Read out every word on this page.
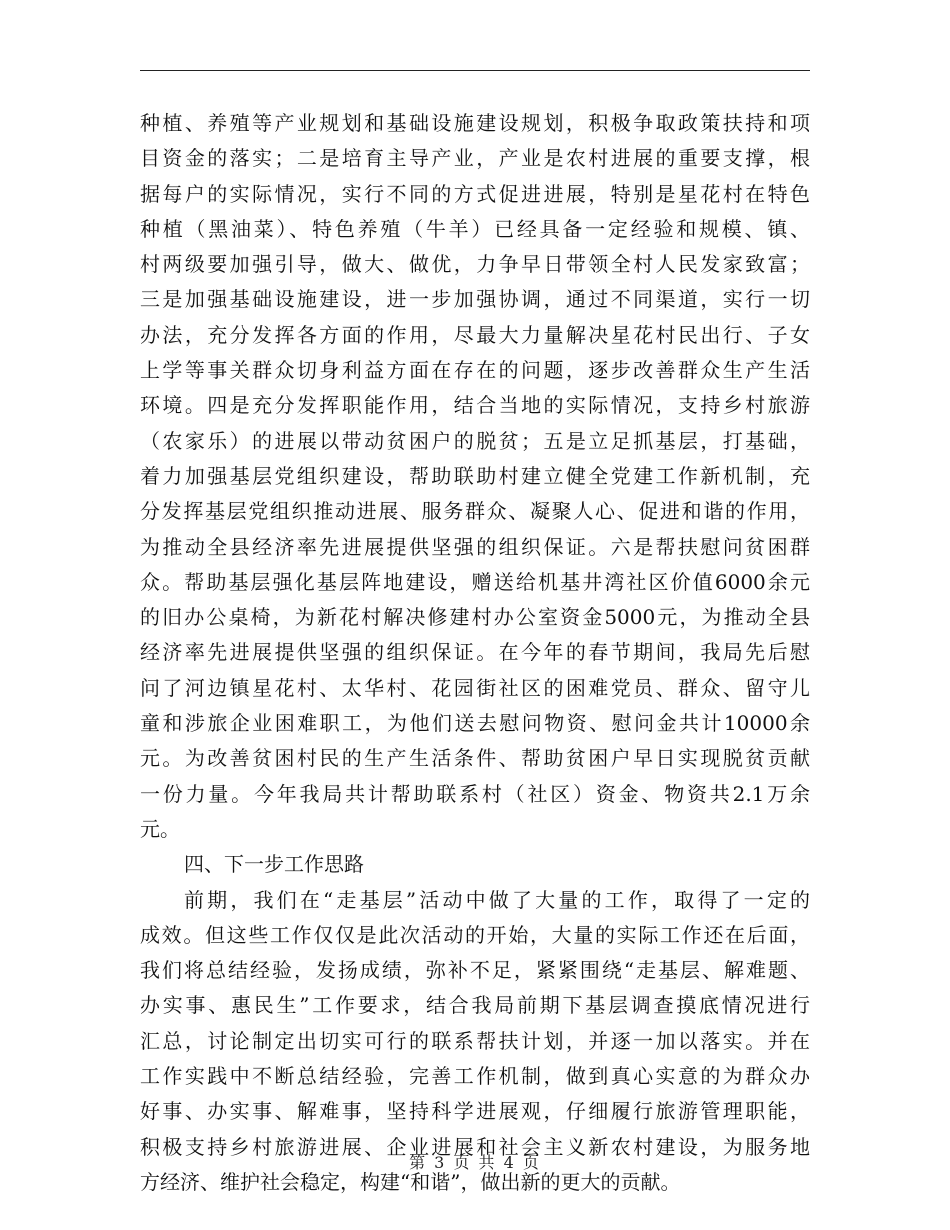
种植、养殖等产业规划和基础设施建设规划，积极争取政策扶持和项
目资金的落实；二是培育主导产业，产业是农村进展的重要支撑，根
据每户的实际情况，实行不同的方式促进进展，特别是星花村在特色
种植（黑油菜）、特色养殖（牛羊）已经具备一定经验和规模、镇、
村两级要加强引导，做大、做优，力争早日带领全村人民发家致富；
三是加强基础设施建设，进一步加强协调，通过不同渠道，实行一切
办法，充分发挥各方面的作用，尽最大力量解决星花村民出行、子女
上学等事关群众切身利益方面在存在的问题，逐步改善群众生产生活
环境。四是充分发挥职能作用，结合当地的实际情况，支持乡村旅游
（农家乐）的进展以带动贫困户的脱贫；五是立足抓基层，打基础，
着力加强基层党组织建设，帮助联助村建立健全党建工作新机制，充
分发挥基层党组织推动进展、服务群众、凝聚人心、促进和谐的作用，
为推动全县经济率先进展提供坚强的组织保证。六是帮扶慰问贫困群
众。帮助基层强化基层阵地建设，赠送给机基井湾社区价值6000余元
的旧办公桌椅，为新花村解决修建村办公室资金5000元，为推动全县
经济率先进展提供坚强的组织保证。在今年的春节期间，我局先后慰
问了河边镇星花村、太华村、花园街社区的困难党员、群众、留守儿
童和涉旅企业困难职工，为他们送去慰问物资、慰问金共计10000余
元。为改善贫困村民的生产生活条件、帮助贫困户早日实现脱贫贡献
一份力量。今年我局共计帮助联系村（社区）资金、物资共2.1万余
元。
四、下一步工作思路
前期，我们在“走基层”活动中做了大量的工作，取得了一定的
成效。但这些工作仅仅是此次活动的开始，大量的实际工作还在后面，
我们将总结经验，发扬成绩，弥补不足，紧紧围绕“走基层、解难题、
办实事、惠民生”工作要求，结合我局前期下基层调查摸底情况进行
汇总，讨论制定出切实可行的联系帮扶计划，并逐一加以落实。并在
工作实践中不断总结经验，完善工作机制，做到真心实意的为群众办
好事、办实事、解难事，坚持科学进展观，仔细履行旅游管理职能，
积极支持乡村旅游进展、企业进展和社会主义新农村建设，为服务地
方经济、维护社会稳定，构建“和谐”，做出新的更大的贡献。
第 3 页 共 4 页
